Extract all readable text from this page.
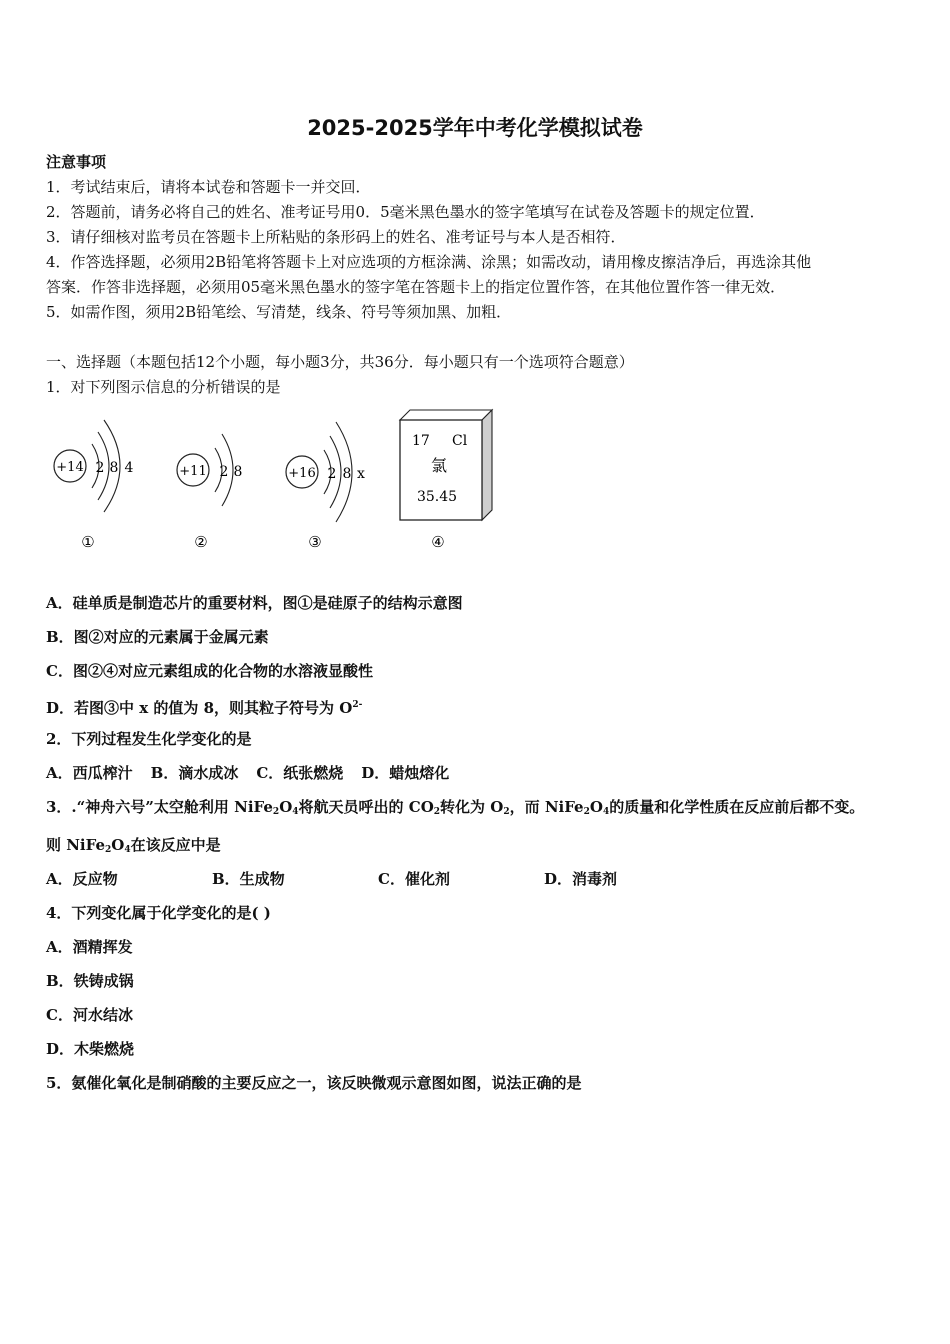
2025-2025学年中考化学模拟试卷
注意事项
1．考试结束后，请将本试卷和答题卡一并交回．
2．答题前，请务必将自己的姓名、准考证号用0．5毫米黑色墨水的签字笔填写在试卷及答题卡的规定位置．
3．请仔细核对监考员在答题卡上所粘贴的条形码上的姓名、准考证号与本人是否相符．
4．作答选择题，必须用2B铅笔将答题卡上对应选项的方框涂满、涂黑；如需改动，请用橡皮擦洁净后，再选涂其他
答案．作答非选择题，必须用05毫米黑色墨水的签字笔在答题卡上的指定位置作答，在其他位置作答一律无效．
5．如需作图，须用2B铅笔绘、写清楚，线条、符号等须加黑、加粗．
一、选择题（本题包括12个小题，每小题3分，共36分．每小题只有一个选项符合题意）
1．对下列图示信息的分析错误的是
+14 2 8 4
①
+11 2 8
②
+16 2 8 x
③
17 Cl
氯
35.45
④
A．硅单质是制造芯片的重要材料，图①是硅原子的结构示意图
B．图②对应的元素属于金属元素
C．图②④对应元素组成的化合物的水溶液显酸性
D．若图③中 x 的值为 8，则其粒子符号为 $O^{2-}$
2．下列过程发生化学变化的是
A．西瓜榨汁 B．滴水成冰 C．纸张燃烧 D．蜡烛熔化
3．.“神舟六号”太空舱利用 $NiFe_2O_4$将航天员呼出的 $CO_2$转化为 $O_2$，而 $NiFe_2O_4$的质量和化学性质在反应前后都不变。
则 $NiFe_2O_4$在该反应中是
A．反应物	B．生成物	C．催化剂	D．消毒剂
4．下列变化属于化学变化的是( )
A．酒精挥发
B．铁铸成锅
C．河水结冰
D．木柴燃烧
5．氨催化氧化是制硝酸的主要反应之一，该反映微观示意图如图，说法正确的是
